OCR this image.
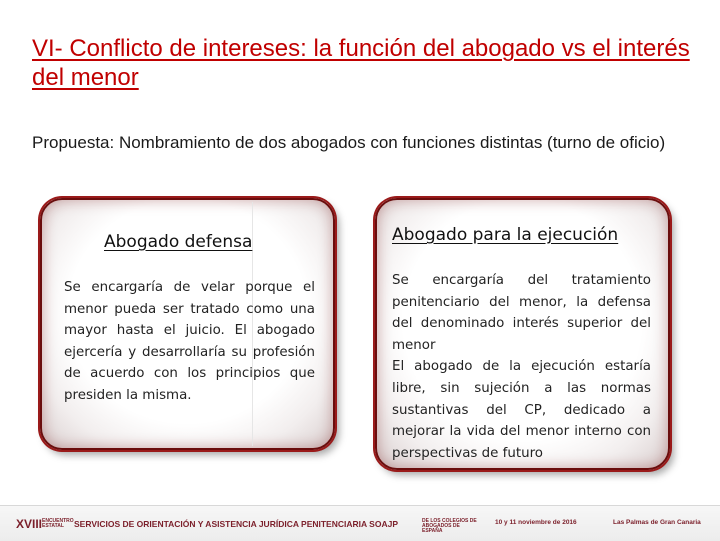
VI- Conflicto de intereses: la función del abogado vs el interés del menor

Propuesta: Nombramiento de dos abogados con funciones distintas (turno de oficio)

Abogado defensa
Se encargaría de velar porque el menor pueda ser tratado como una mayor hasta el juicio. El abogado ejercería y desarrollaría su profesión de acuerdo con los principios que presiden la misma.
Abogado para la ejecución
Se encargaría del tratamiento penitenciario del menor, la defensa del denominado interés superior del menor
El abogado de la ejecución estaría libre, sin sujeción a las normas sustantivas del CP, dedicado a mejorar la vida del menor interno con perspectivas de futuro
XVIII ENCUENTRO ESTATAL	SERVICIOS DE ORIENTACIÓN Y ASISTENCIA JURÍDICA PENITENCIARIA SOAJP	DE LOS COLEGIOS DE ABOGADOS DE ESPAÑA
10 y 11 noviembre de 2016	Las Palmas de Gran Canaria
